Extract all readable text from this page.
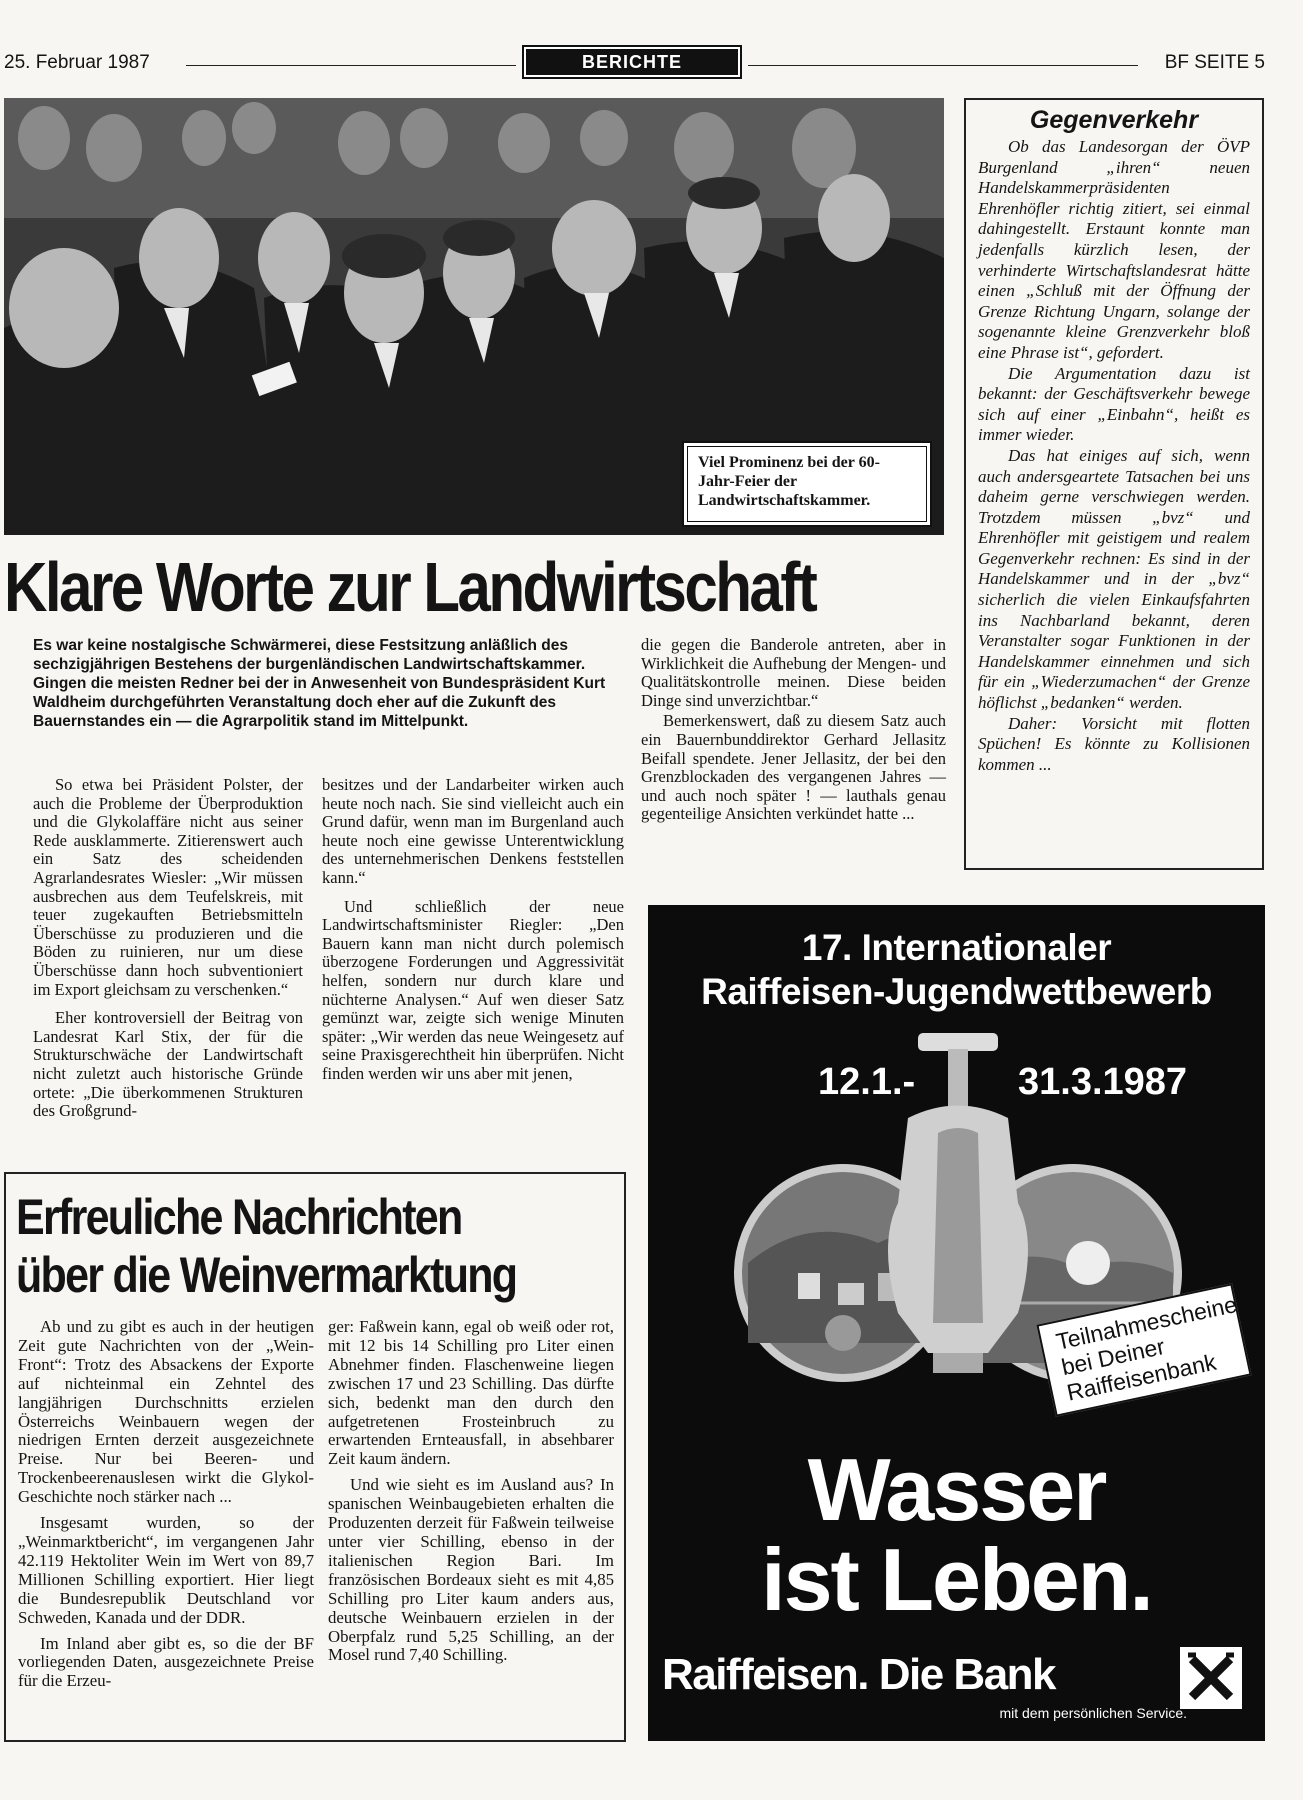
25. Februar 1987	BERICHTE	BF SEITE 5
Viel Prominenz bei der 60-Jahr-Feier der Landwirtschaftskammer.
Gegenverkehr

Ob das Landesorgan der ÖVP Burgenland „ihren“ neuen Handelskammerpräsidenten Ehrenhöfler richtig zitiert, sei einmal dahingestellt. Erstaunt konnte man jedenfalls kürzlich lesen, der verhinderte Wirtschaftslandesrat hätte einen „Schluß mit der Öffnung der Grenze Richtung Ungarn, solange der sogenannte kleine Grenzverkehr bloß eine Phrase ist“, gefordert.

Die Argumentation dazu ist bekannt: der Geschäftsverkehr bewege sich auf einer „Einbahn“, heißt es immer wieder.

Das hat einiges auf sich, wenn auch andersgeartete Tatsachen bei uns daheim gerne verschwiegen werden. Trotzdem müssen „bvz“ und Ehrenhöfler mit geistigem und realem Gegenverkehr rechnen: Es sind in der Handelskammer und in der „bvz“ sicherlich die vielen Einkaufsfahrten ins Nachbarland bekannt, deren Veranstalter sogar Funktionen in der Handelskammer einnehmen und sich für ein „Wiederzumachen“ der Grenze höflichst „bedanken“ werden.

Daher: Vorsicht mit flotten Spüchen! Es könnte zu Kollisionen kommen ...

Klare Worte zur Landwirtschaft

Es war keine nostalgische Schwärmerei, diese Festsitzung anläßlich des sechzigjährigen Bestehens der burgenländischen Landwirtschaftskammer. Gingen die meisten Redner bei der in Anwesenheit von Bundespräsident Kurt Waldheim durchgeführten Veranstaltung doch eher auf die Zukunft des Bauernstandes ein — die Agrarpolitik stand im Mittelpunkt.

So etwa bei Präsident Polster, der auch die Probleme der Überproduktion und die Glykolaffäre nicht aus seiner Rede ausklammerte. Zitierenswert auch ein Satz des scheidenden Agrarlandesrates Wiesler: „Wir müssen ausbrechen aus dem Teufelskreis, mit teuer zugekauften Betriebsmitteln Überschüsse zu produzieren und die Böden zu ruinieren, nur um diese Überschüsse dann hoch subventioniert im Export gleichsam zu verschenken.“

Eher kontroversiell der Beitrag von Landesrat Karl Stix, der für die Strukturschwäche der Landwirtschaft nicht zuletzt auch historische Gründe ortete: „Die überkommenen Strukturen des Großgrund-

besitzes und der Landarbeiter wirken auch heute noch nach. Sie sind vielleicht auch ein Grund dafür, wenn man im Burgenland auch heute noch eine gewisse Unterentwicklung des unternehmerischen Denkens feststellen kann.“

Und schließlich der neue Landwirtschaftsminister Riegler: „Den Bauern kann man nicht durch polemisch überzogene Forderungen und Aggressivität helfen, sondern nur durch klare und nüchterne Analysen.“ Auf wen dieser Satz gemünzt war, zeigte sich wenige Minuten später: „Wir werden das neue Weingesetz auf seine Praxisgerechtheit hin überprüfen. Nicht finden werden wir uns aber mit jenen,

die gegen die Banderole antreten, aber in Wirklichkeit die Aufhebung der Mengen- und Qualitätskontrolle meinen. Diese beiden Dinge sind unverzichtbar.“

Bemerkenswert, daß zu diesem Satz auch ein Bauernbunddirektor Gerhard Jellasitz Beifall spendete. Jener Jellasitz, der bei den Grenzblockaden des vergangenen Jahres — und auch noch später ! — lauthals genau gegenteilige Ansichten verkündet hatte ...

Erfreuliche Nachrichten
über die Weinvermarktung

Ab und zu gibt es auch in der heutigen Zeit gute Nachrichten von der „Wein-Front“: Trotz des Absackens der Exporte auf nichteinmal ein Zehntel des langjährigen Durchschnitts erzielen Österreichs Weinbauern wegen der niedrigen Ernten derzeit ausgezeichnete Preise. Nur bei Beeren- und Trockenbeerenauslesen wirkt die Glykol-Geschichte noch stärker nach ...

Insgesamt wurden, so der „Weinmarktbericht“, im vergangenen Jahr 42.119 Hektoliter Wein im Wert von 89,7 Millionen Schilling exportiert. Hier liegt die Bundesrepublik Deutschland vor Schweden, Kanada und der DDR.

Im Inland aber gibt es, so die der BF vorliegenden Daten, ausgezeichnete Preise für die Erzeu-

ger: Faßwein kann, egal ob weiß oder rot, mit 12 bis 14 Schilling pro Liter einen Abnehmer finden. Flaschenweine liegen zwischen 17 und 23 Schilling. Das dürfte sich, bedenkt man den durch den aufgetretenen Frosteinbruch zu erwartenden Ernteausfall, in absehbarer Zeit kaum ändern.

Und wie sieht es im Ausland aus? In spanischen Weinbaugebieten erhalten die Produzenten derzeit für Faßwein teilweise unter vier Schilling, ebenso in der italienischen Region Bari. Im französischen Bordeaux sieht es mit 4,85 Schilling pro Liter kaum anders aus, deutsche Weinbauern erzielen in der Oberpfalz rund 5,25 Schilling, an der Mosel rund 7,40 Schilling.

17. Internationaler
Raiffeisen-Jugendwettbewerb
12.1.-	31.3.1987
Teilnahmescheine bei Deiner Raiffeisenbank
Wasser
ist Leben.
Raiffeisen. Die Bank
mit dem persönlichen Service.
